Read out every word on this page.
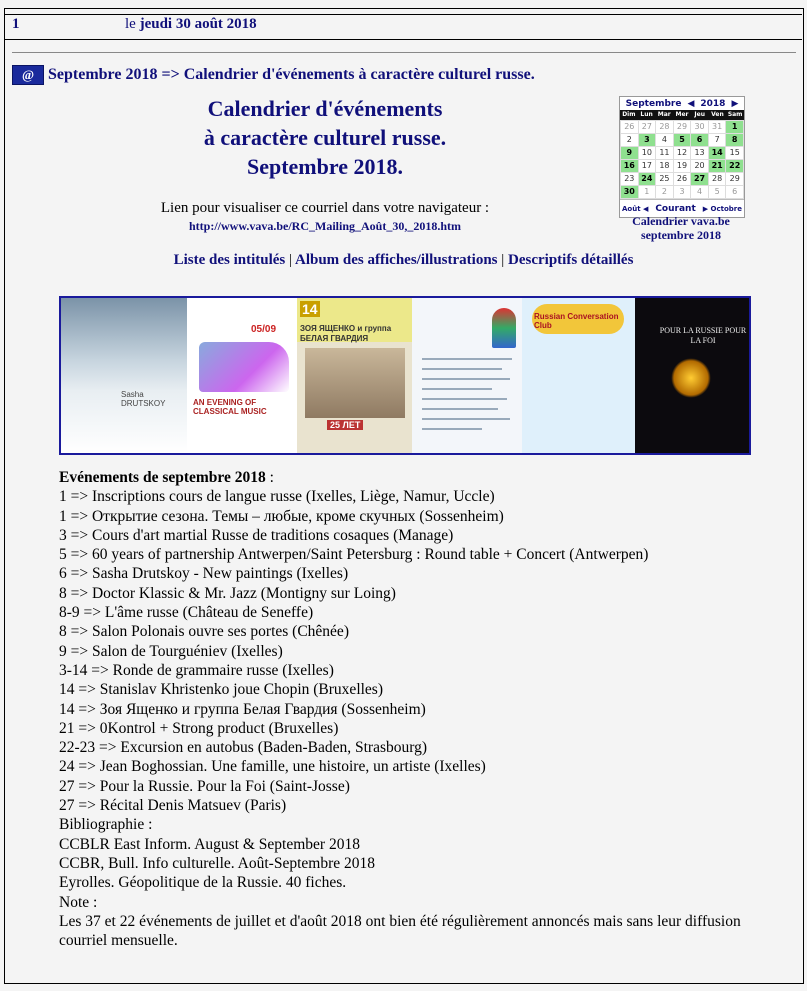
1	le jeudi 30 août 2018
@ Septembre 2018 => Calendrier d'événements à caractère culturel russe.
Calendrier d'événements
à caractère culturel russe.
Septembre 2018.
Lien pour visualiser ce courriel dans votre navigateur :
http://www.vava.be/RC_Mailing_Août_30,_2018.htm
Septembre ◀ 2018 ▶
Dim Lun Mar Mer Jeu	Ven Sam
26 27 28 29 30 31	1
2	3	4	5	6	7	8
9	10 11 12 13 14 15
16 17 18 19 20 21 22
23 24 25 26 27 28 29
30	1	2	3	4	5	6
Août ◀ Courant ▶ Octobre
Calendrier vava.be
septembre 2018
Liste des intitulés | Album des affiches/illustrations | Descriptifs détaillés
Sasha DRUTSKOY
05/09
AN EVENING OF CLASSICAL MUSIC
14
ЗОЯ ЯЩЕНКО и группа БЕЛАЯ ГВАРДИЯ
25 ЛЕТ
Russian Conversation Club
POUR LA RUSSIE POUR LA FOI
Evénements de septembre 2018 :
1 => Inscriptions cours de langue russe (Ixelles, Liège, Namur, Uccle)
1 => Открытие сезона. Темы – любые, кроме скучных (Sossenheim)
3 => Cours d'art martial Russe de traditions cosaques (Manage)
5 => 60 years of partnership Antwerpen/Saint Petersburg : Round table + Concert (Antwerpen)
6 => Sasha Drutskoy - New paintings (Ixelles)
8 => Doctor Klassic & Mr. Jazz (Montigny sur Loing)
8-9 => L'âme russe (Château de Seneffe)
8 => Salon Polonais ouvre ses portes (Chênée)
9 => Salon de Tourguéniev (Ixelles)
3-14 => Ronde de grammaire russe (Ixelles)
14 => Stanislav Khristenko joue Chopin (Bruxelles)
14 => Зоя Ященко и группа Белая Гвардия (Sossenheim)
21 => 0Kontrol + Strong product (Bruxelles)
22-23 => Excursion en autobus (Baden-Baden, Strasbourg)
24 => Jean Boghossian. Une famille, une histoire, un artiste (Ixelles)
27 => Pour la Russie. Pour la Foi (Saint-Josse)
27 => Récital Denis Matsuev (Paris)
Bibliographie :
CCBLR East Inform. August & September 2018
CCBR, Bull. Info culturelle. Août-Septembre 2018
Eyrolles. Géopolitique de la Russie. 40 fiches.
Note :
Les 37 et 22 événements de juillet et d'août 2018 ont bien été régulièrement annoncés mais sans leur diffusion courriel mensuelle.
